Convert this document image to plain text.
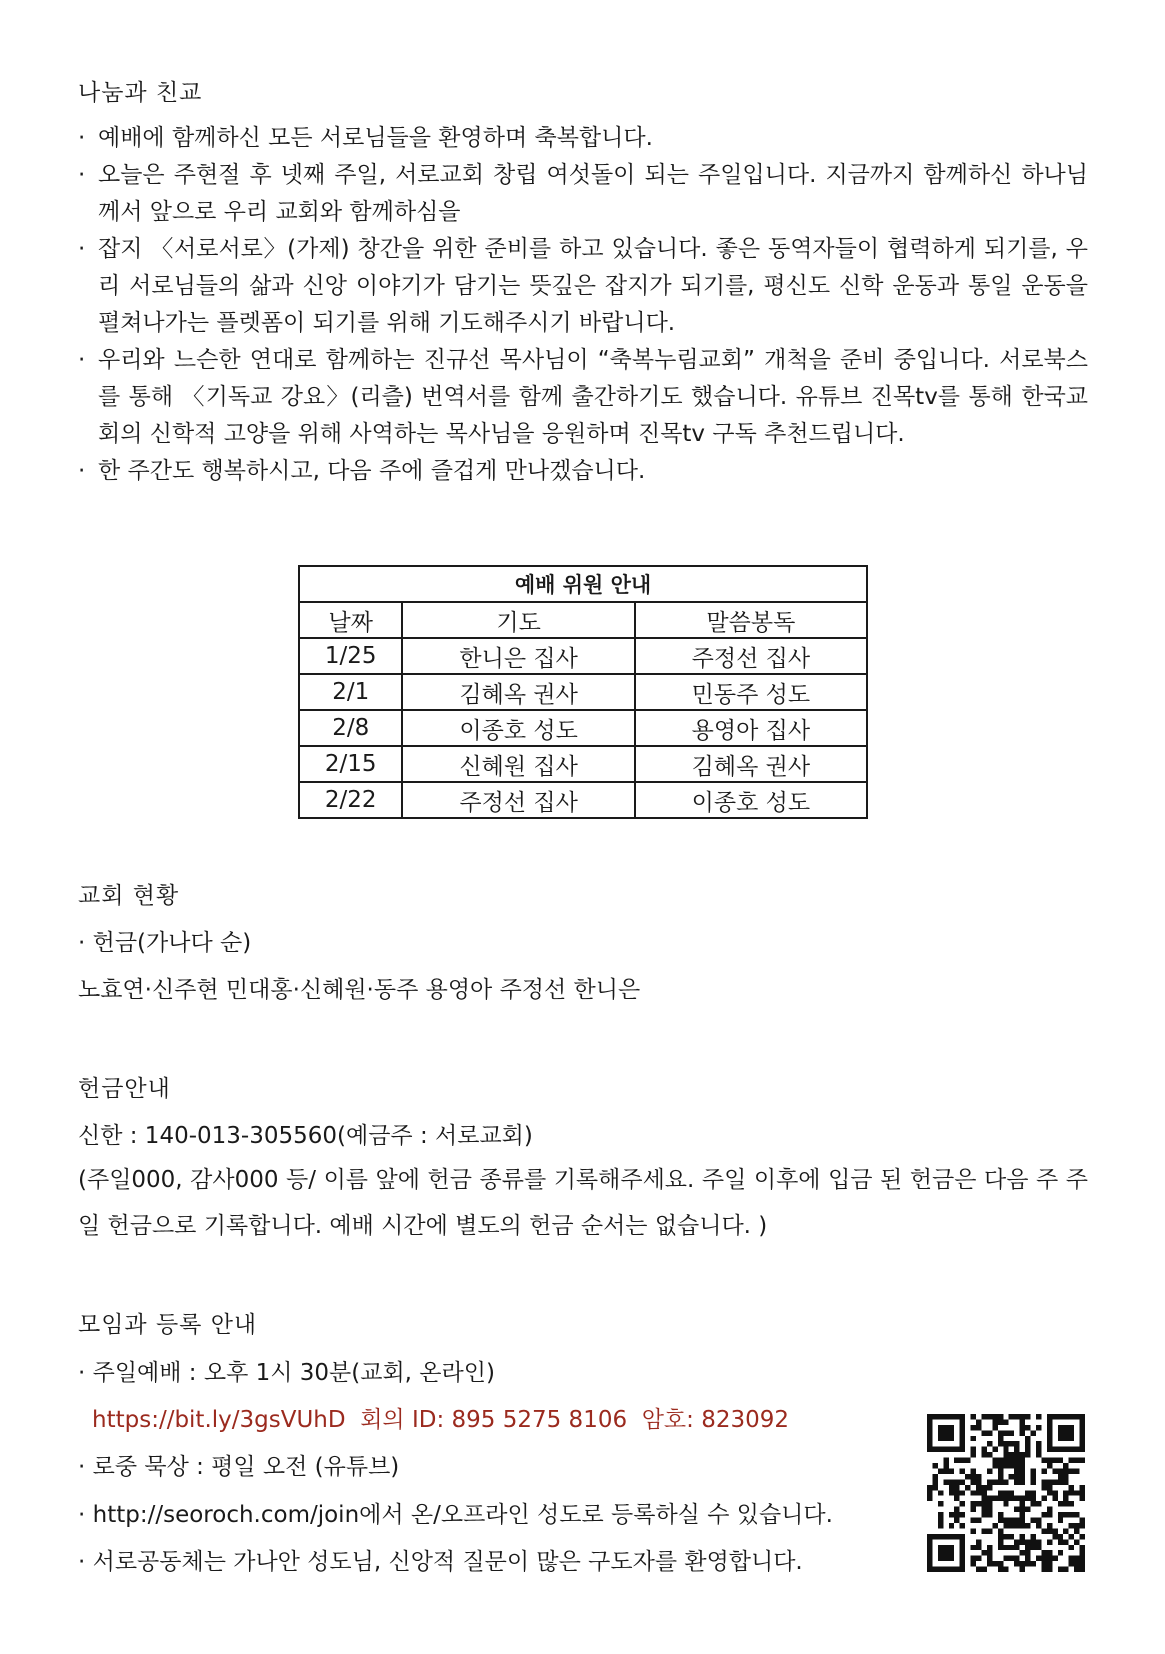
나눔과 친교
· 예배에 함께하신 모든 서로님들을 환영하며 축복합니다.
· 오늘은 주현절 후 넷째 주일, 서로교회 창립 여섯돌이 되는 주일입니다. 지금까지 함께하신 하나님께서 앞으로 우리 교회와 함께하심을
· 잡지 〈서로서로〉(가제) 창간을 위한 준비를 하고 있습니다. 좋은 동역자들이 협력하게 되기를, 우리 서로님들의 삶과 신앙 이야기가 담기는 뜻깊은 잡지가 되기를, 평신도 신학 운동과 통일 운동을 펼쳐나가는 플렛폼이 되기를 위해 기도해주시기 바랍니다.
· 우리와 느슨한 연대로 함께하는 진규선 목사님이 “축복누림교회” 개척을 준비 중입니다. 서로북스를 통해 〈기독교 강요〉(리츨) 번역서를 함께 출간하기도 했습니다. 유튜브 진목tv를 통해 한국교회의 신학적 고양을 위해 사역하는 목사님을 응원하며 진목tv 구독 추천드립니다.
· 한 주간도 행복하시고, 다음 주에 즐겁게 만나겠습니다.
예배 위원 안내		
날짜	기도	말씀봉독
1/25	한니은 집사	주정선 집사
2/1	김혜옥 권사	민동주 성도
2/8	이종호 성도	용영아 집사
2/15	신혜원 집사	김혜옥 권사
2/22	주정선 집사	이종호 성도
교회 현황
· 헌금(가나다 순)
노효연·신주현 민대홍·신혜원·동주 용영아 주정선 한니은
헌금안내
신한 : 140-013-305560(예금주 : 서로교회)
(주일000, 감사000 등/ 이름 앞에 헌금 종류를 기록해주세요. 주일 이후에 입금 된 헌금은 다음 주 주일 헌금으로 기록합니다. 예배 시간에 별도의 헌금 순서는 없습니다. )
모임과 등록 안내
· 주일예배 : 오후 1시 30분(교회, 온라인)
https://bit.ly/3gsVUhD  회의 ID: 895 5275 8106  암호: 823092
· 로중 묵상 : 평일 오전 (유튜브)
· http://seoroch.com/join에서 온/오프라인 성도로 등록하실 수 있습니다.
· 서로공동체는 가나안 성도님, 신앙적 질문이 많은 구도자를 환영합니다.
